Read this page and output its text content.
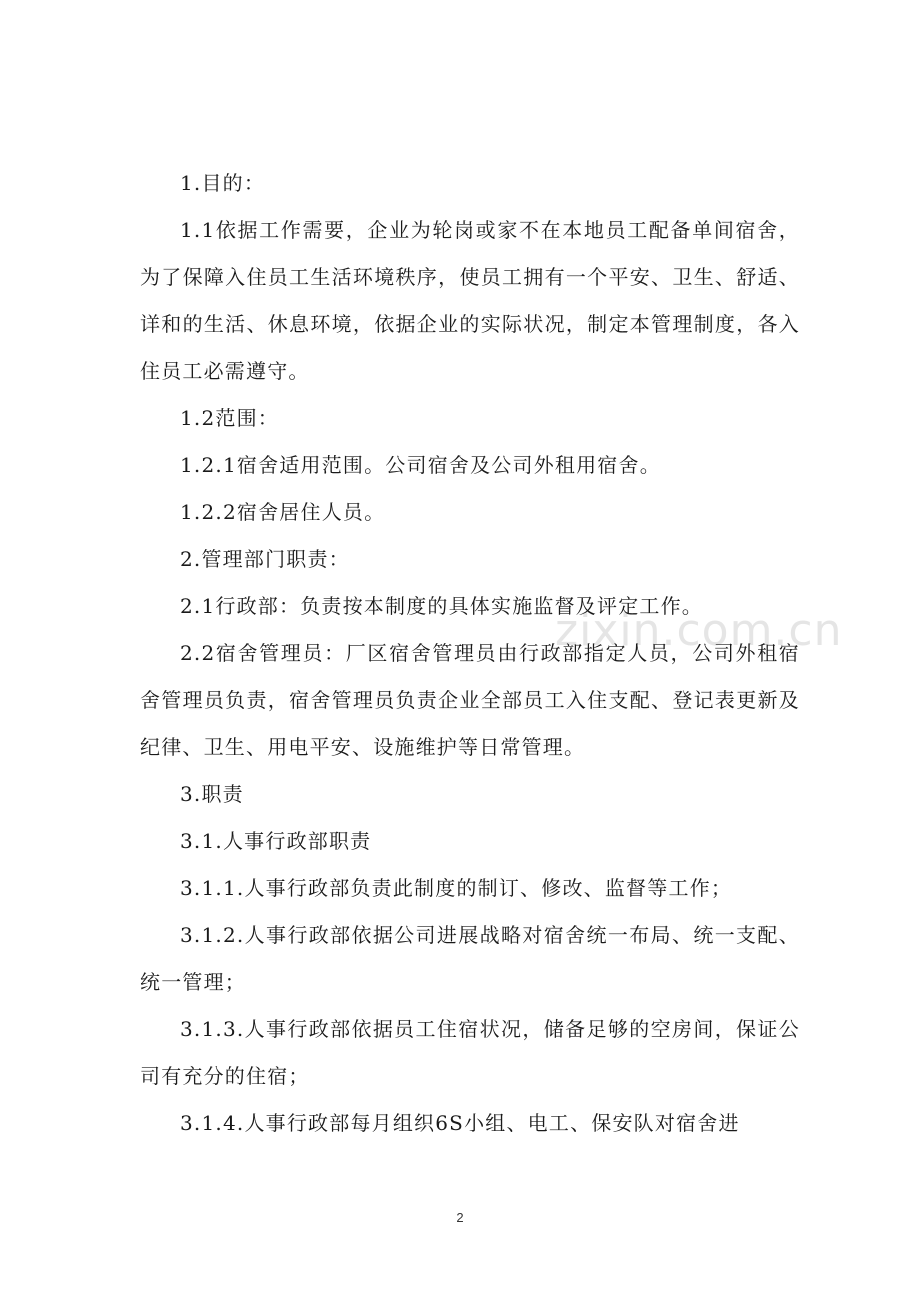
zixin.com.cn

1.目的：

1.1依据工作需要，企业为轮岗或家不在本地员工配备单间宿舍，为了保障入住员工生活环境秩序，使员工拥有一个平安、卫生、舒适、详和的生活、休息环境，依据企业的实际状况，制定本管理制度，各入住员工必需遵守。

1.2范围：

1.2.1宿舍适用范围。公司宿舍及公司外租用宿舍。

1.2.2宿舍居住人员。

2.管理部门职责：

2.1行政部：负责按本制度的具体实施监督及评定工作。

2.2宿舍管理员：厂区宿舍管理员由行政部指定人员，公司外租宿舍管理员负责，宿舍管理员负责企业全部员工入住支配、登记表更新及纪律、卫生、用电平安、设施维护等日常管理。

3.职责

3.1.人事行政部职责

3.1.1.人事行政部负责此制度的制订、修改、监督等工作；

3.1.2.人事行政部依据公司进展战略对宿舍统一布局、统一支配、统一管理；

3.1.3.人事行政部依据员工住宿状况，储备足够的空房间，保证公司有充分的住宿；

3.1.4.人事行政部每月组织6S小组、电工、保安队对宿舍进

2
